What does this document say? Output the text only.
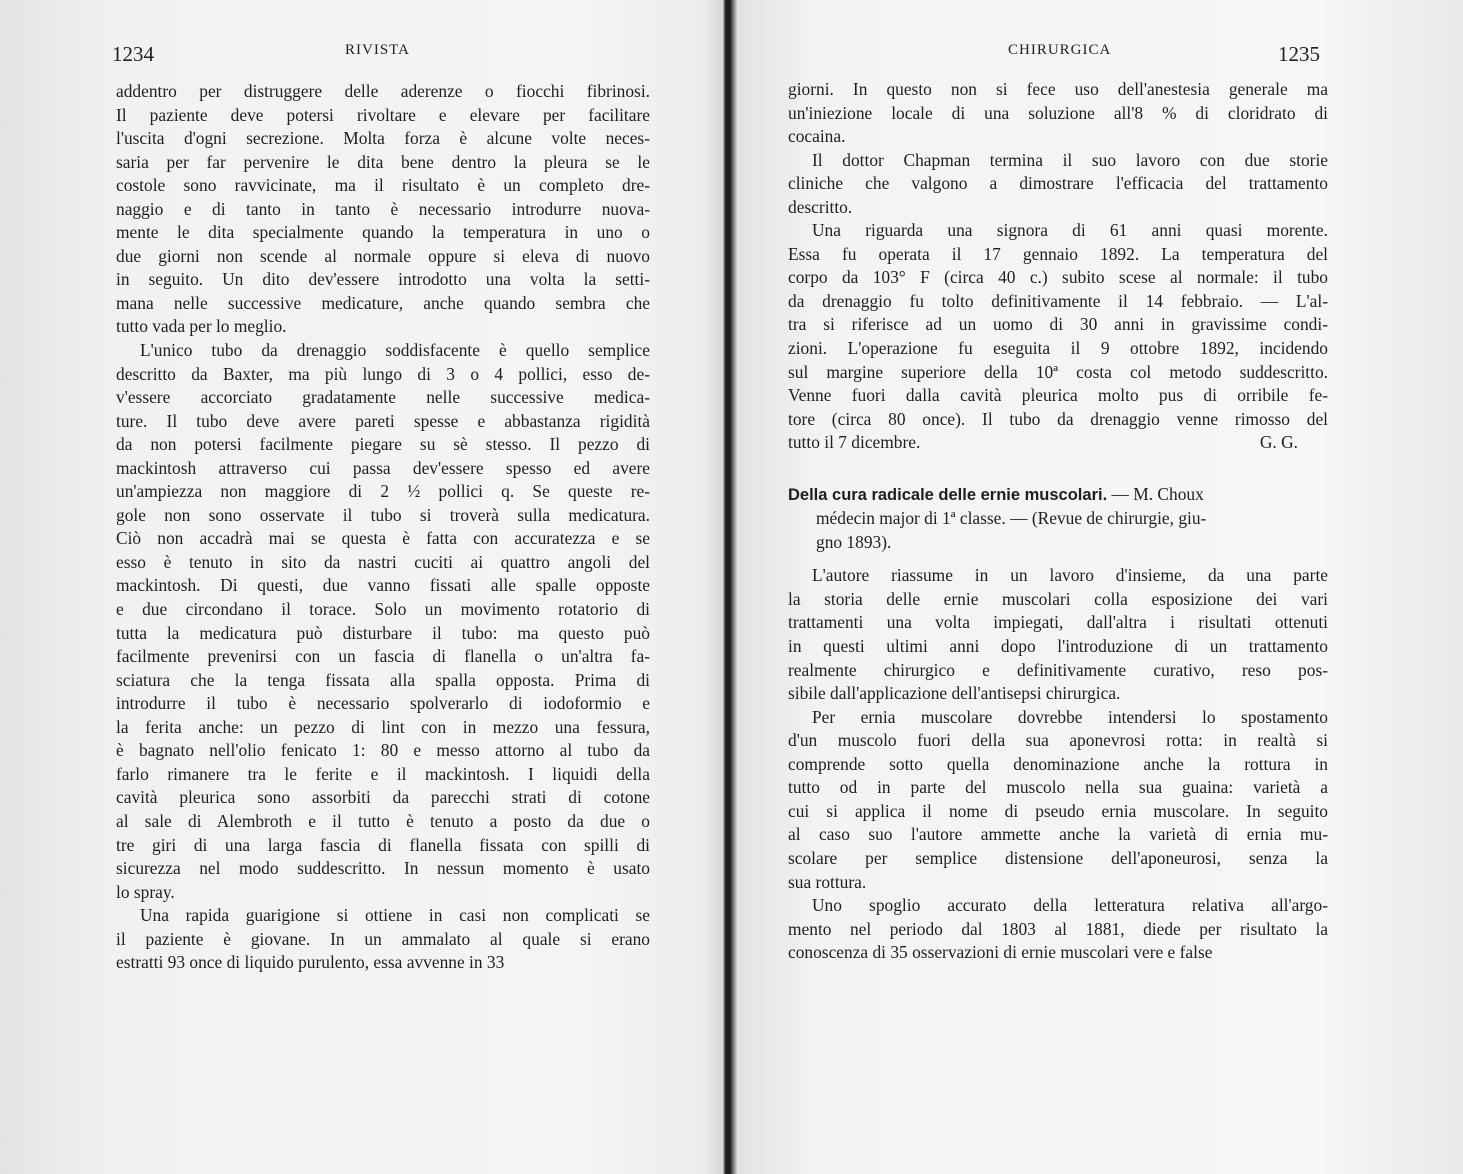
1234	RIVISTA
addentro per distruggere delle aderenze o fiocchi fibrinosi.
Il paziente deve potersi rivoltare e elevare per facilitare
l'uscita d'ogni secrezione. Molta forza è alcune volte neces-
saria per far pervenire le dita bene dentro la pleura se le
costole sono ravvicinate, ma il risultato è un completo dre-
naggio e di tanto in tanto è necessario introdurre nuova-
mente le dita specialmente quando la temperatura in uno o
due giorni non scende al normale oppure si eleva di nuovo
in seguito. Un dito dev'essere introdotto una volta la setti-
mana nelle successive medicature, anche quando sembra che
tutto vada per lo meglio.
L'unico tubo da drenaggio soddisfacente è quello semplice
descritto da Baxter, ma più lungo di 3 o 4 pollici, esso de-
v'essere accorciato gradatamente nelle successive medica-
ture. Il tubo deve avere pareti spesse e abbastanza rigidità
da non potersi facilmente piegare su sè stesso. Il pezzo di
mackintosh attraverso cui passa dev'essere spesso ed avere
un'ampiezza non maggiore di 2 ½ pollici q. Se queste re-
gole non sono osservate il tubo si troverà sulla medicatura.
Ciò non accadrà mai se questa è fatta con accuratezza e se
esso è tenuto in sito da nastri cuciti ai quattro angoli del
mackintosh. Di questi, due vanno fissati alle spalle opposte
e due circondano il torace. Solo un movimento rotatorio di
tutta la medicatura può disturbare il tubo: ma questo può
facilmente prevenirsi con un fascia di flanella o un'altra fa-
sciatura che la tenga fissata alla spalla opposta. Prima di
introdurre il tubo è necessario spolverarlo di iodoformio e
la ferita anche: un pezzo di lint con in mezzo una fessura,
è bagnato nell'olio fenicato 1: 80 e messo attorno al tubo da
farlo rimanere tra le ferite e il mackintosh. I liquidi della
cavità pleurica sono assorbiti da parecchi strati di cotone
al sale di Alembroth e il tutto è tenuto a posto da due o
tre giri di una larga fascia di flanella fissata con spilli di
sicurezza nel modo suddescritto. In nessun momento è usato
lo spray.
Una rapida guarigione si ottiene in casi non complicati se
il paziente è giovane. In un ammalato al quale si erano
estratti 93 once di liquido purulento, essa avvenne in 33
CHIRURGICA	1235
giorni. In questo non si fece uso dell'anestesia generale ma
un'iniezione locale di una soluzione all'8 % di cloridrato di
cocaina.
Il dottor Chapman termina il suo lavoro con due storie
cliniche che valgono a dimostrare l'efficacia del trattamento
descritto.
Una riguarda una signora di 61 anni quasi morente.
Essa fu operata il 17 gennaio 1892. La temperatura del
corpo da 103° F (circa 40 c.) subito scese al normale: il tubo
da drenaggio fu tolto definitivamente il 14 febbraio. — L'al-
tra si riferisce ad un uomo di 30 anni in gravissime condi-
zioni. L'operazione fu eseguita il 9 ottobre 1892, incidendo
sul margine superiore della 10ª costa col metodo suddescritto.
Venne fuori dalla cavità pleurica molto pus di orribile fe-
tore (circa 80 once). Il tubo da drenaggio venne rimosso del
tutto il 7 dicembre.	G. G.
Della cura radicale delle ernie muscolari. — M. Choux
médecin major di 1ª classe. — (Revue de chirurgie, giu-
gno 1893).
L'autore riassume in un lavoro d'insieme, da una parte
la storia delle ernie muscolari colla esposizione dei vari
trattamenti una volta impiegati, dall'altra i risultati ottenuti
in questi ultimi anni dopo l'introduzione di un trattamento
realmente chirurgico e definitivamente curativo, reso pos-
sibile dall'applicazione dell'antisepsi chirurgica.
Per ernia muscolare dovrebbe intendersi lo spostamento
d'un muscolo fuori della sua aponevrosi rotta: in realtà si
comprende sotto quella denominazione anche la rottura in
tutto od in parte del muscolo nella sua guaina: varietà a
cui si applica il nome di pseudo ernia muscolare. In seguito
al caso suo l'autore ammette anche la varietà di ernia mu-
scolare per semplice distensione dell'aponeurosi, senza la
sua rottura.
Uno spoglio accurato della letteratura relativa all'argo-
mento nel periodo dal 1803 al 1881, diede per risultato la
conoscenza di 35 osservazioni di ernie muscolari vere e false
